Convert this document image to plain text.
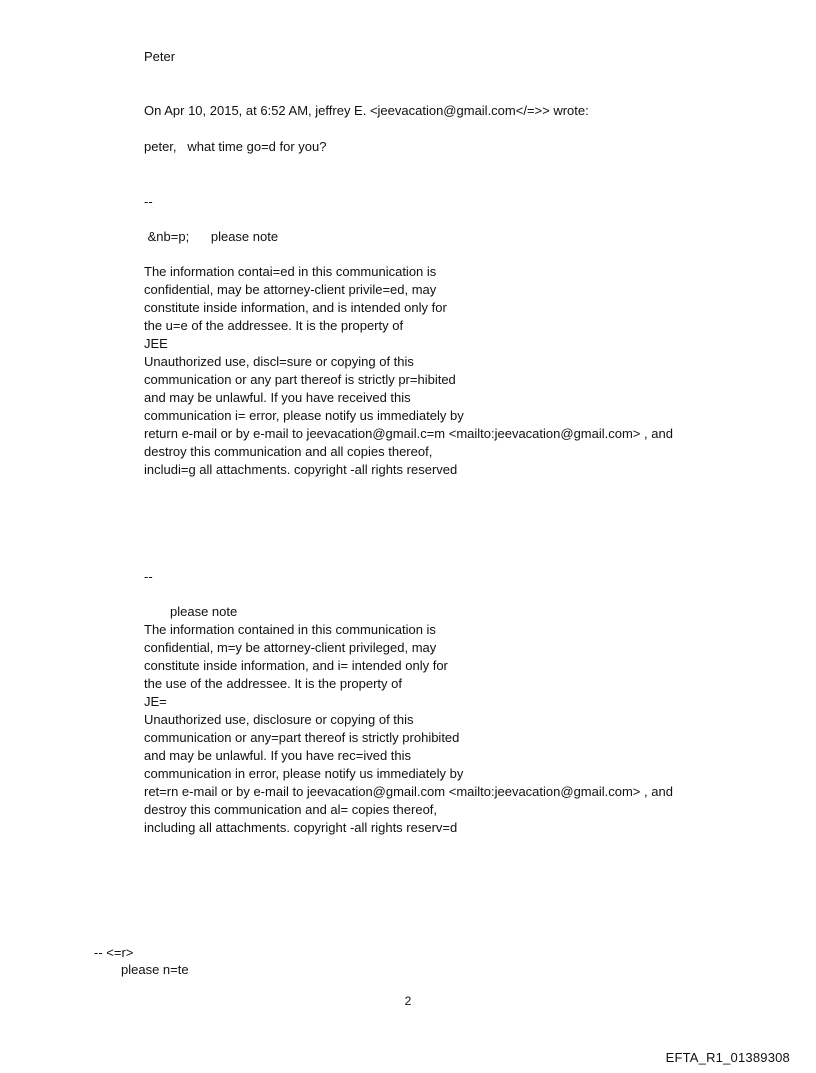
Peter
On Apr 10, 2015, at 6:52 AM, jeffrey E. <jeevacation@gmail.com</=>> wrote:
peter,   what time go=d for you?
--
&nb=p;      please note
The information contai=ed in this communication is
confidential, may be attorney-client privile=ed, may
constitute inside information, and is intended only for
the u=e of the addressee. It is the property of
JEE
Unauthorized use, discl=sure or copying of this
communication or any part thereof is strictly pr=hibited
and may be unlawful. If you have received this
communication i= error, please notify us immediately by
return e-mail or by e-mail to jeevacation@gmail.c=m <mailto:jeevacation@gmail.com> , and
destroy this communication and all copies thereof,
includi=g all attachments. copyright -all rights reserved
--
please note
The information contained in this communication is
confidential, m=y be attorney-client privileged, may
constitute inside information, and i= intended only for
the use of the addressee. It is the property of
JE=
Unauthorized use, disclosure or copying of this
communication or any=part thereof is strictly prohibited
and may be unlawful. If you have rec=ived this
communication in error, please notify us immediately by
ret=rn e-mail or by e-mail to jeevacation@gmail.com <mailto:jeevacation@gmail.com> , and
destroy this communication and al= copies thereof,
including all attachments. copyright -all rights reserv=d
-- <=r>
please n=te
2
EFTA_R1_01389308
